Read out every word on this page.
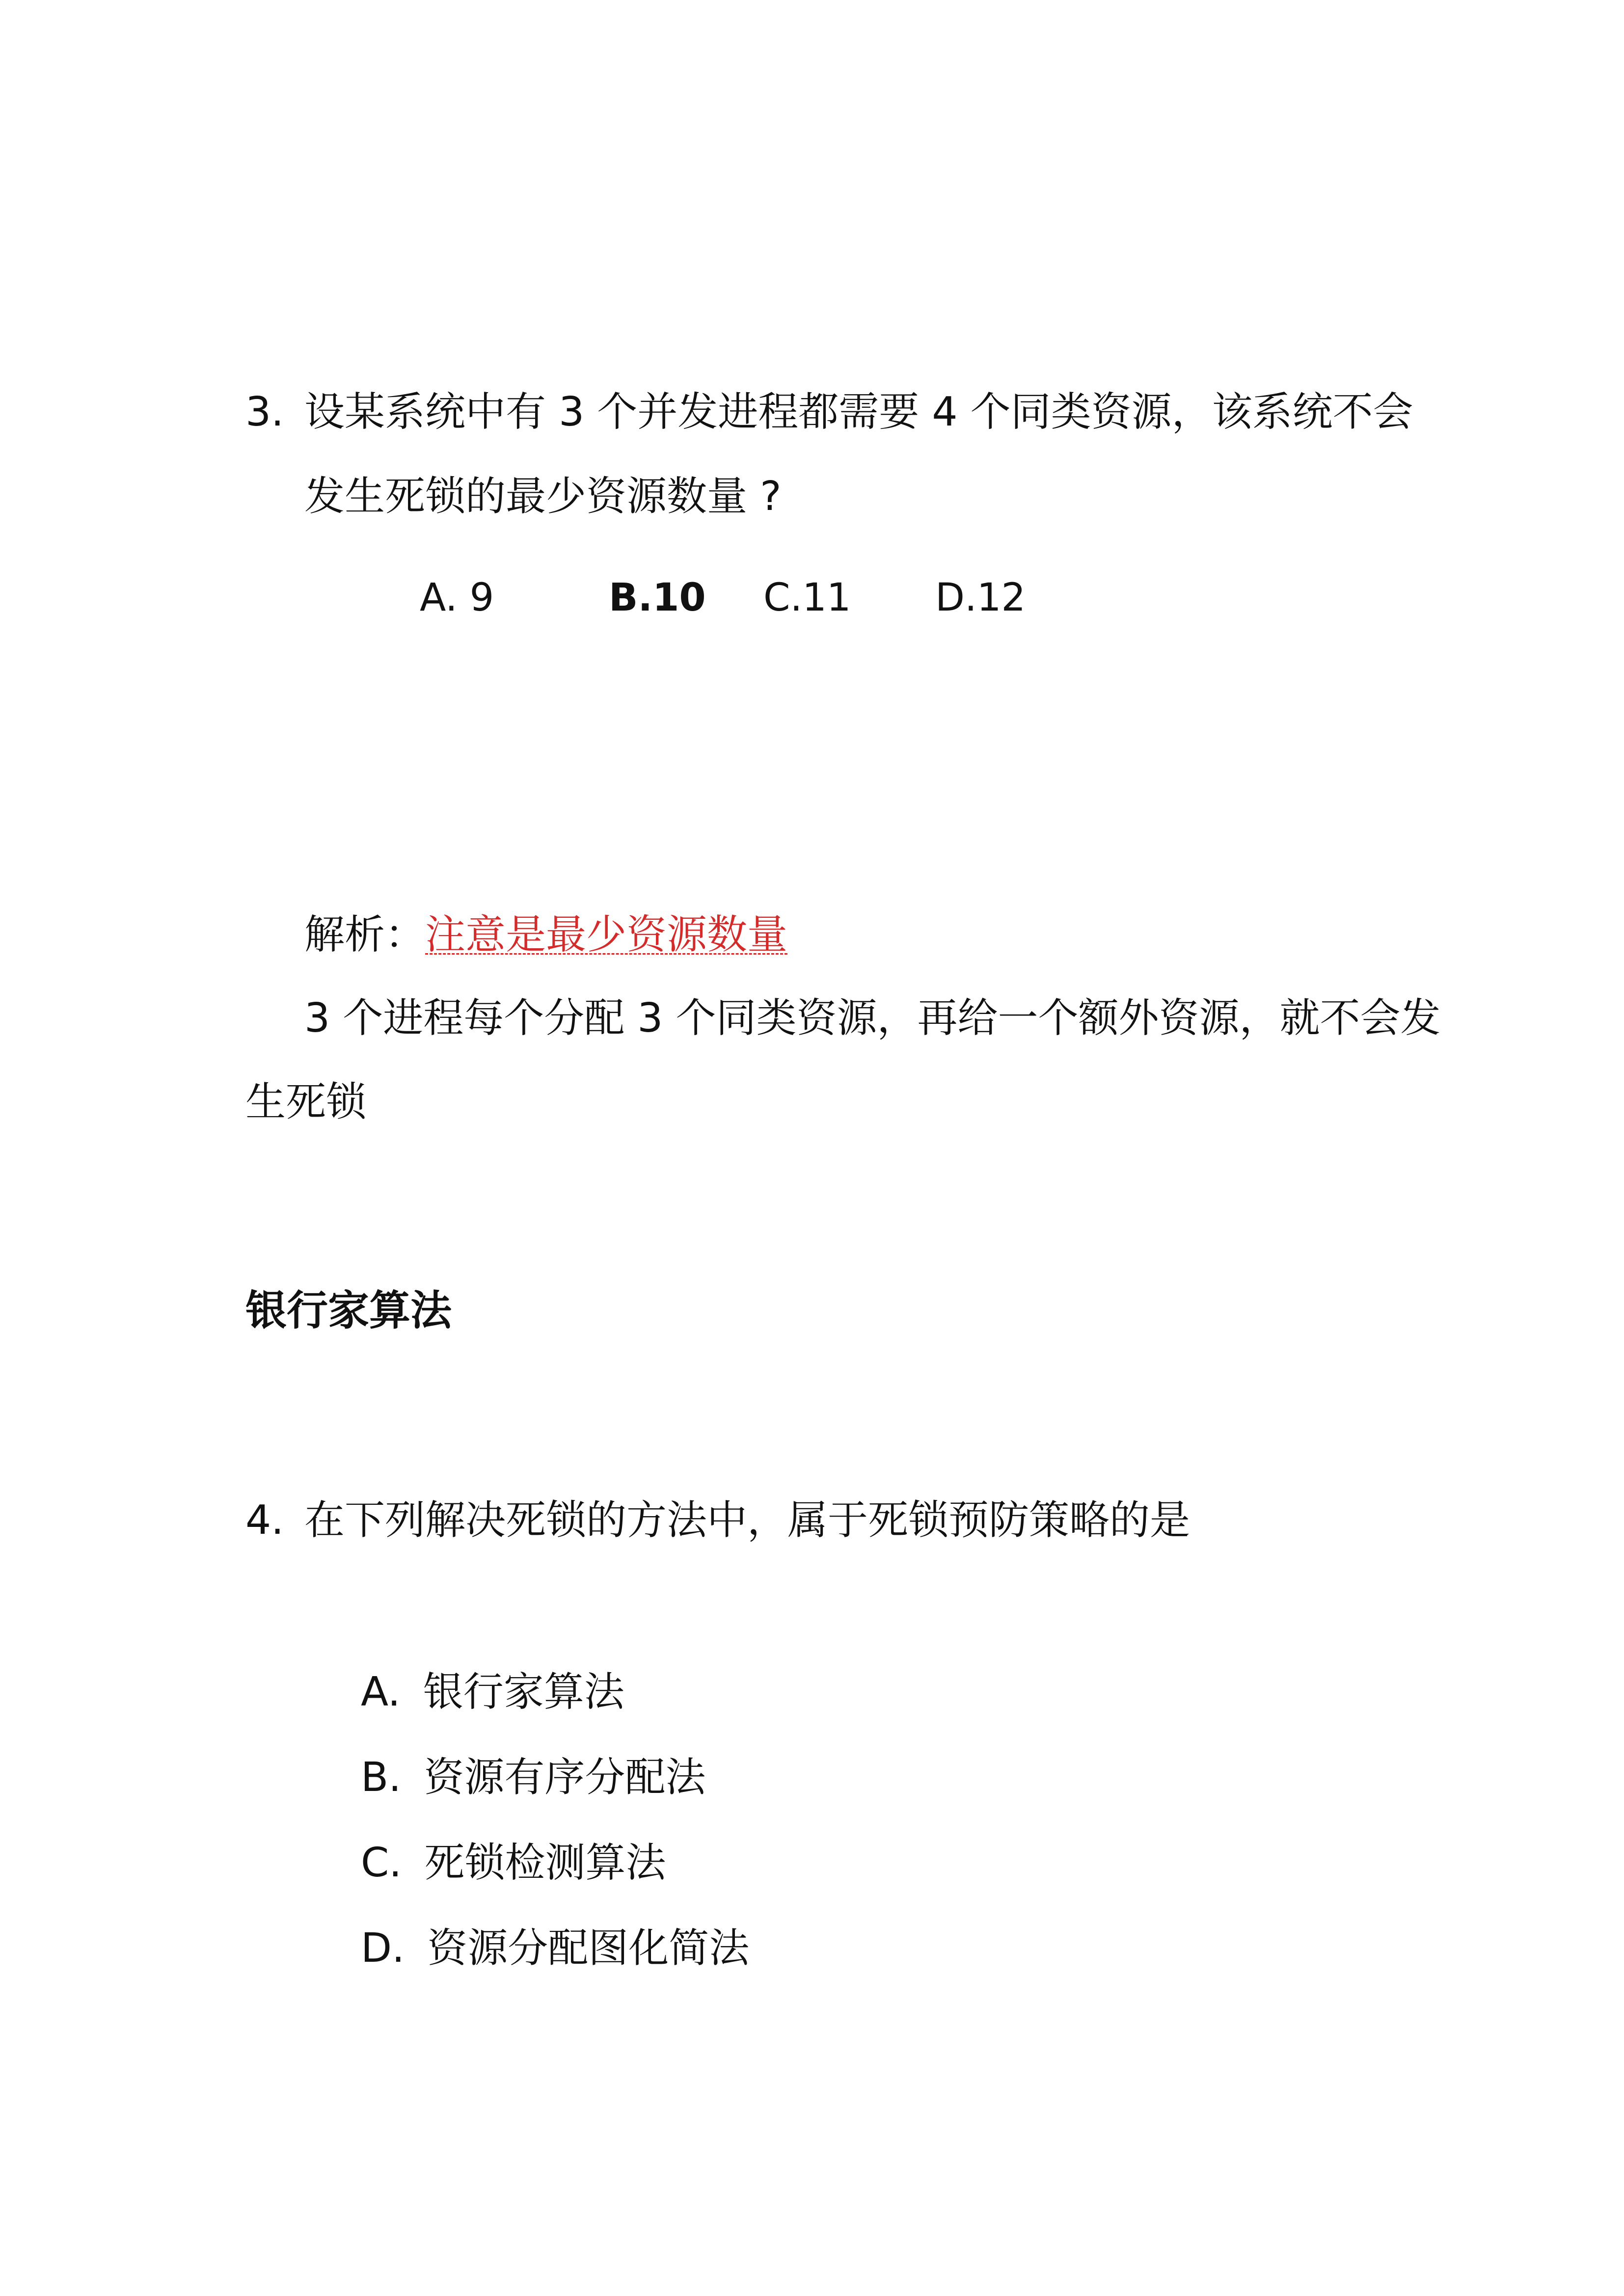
3. 设某系统中有 3 个并发进程都需要 4 个同类资源，该系统不会
发生死锁的最少资源数量 ?
A. 9	B.10 C.11 D.12
解析：注意是最少资源数量
3 个进程每个分配 3 个同类资源，再给一个额外资源，就不会发
生死锁
银行家算法
4. 在下列解决死锁的方法中，属于死锁预防策略的是
A. 银行家算法
B. 资源有序分配法
C. 死锁检测算法
D. 资源分配图化简法
